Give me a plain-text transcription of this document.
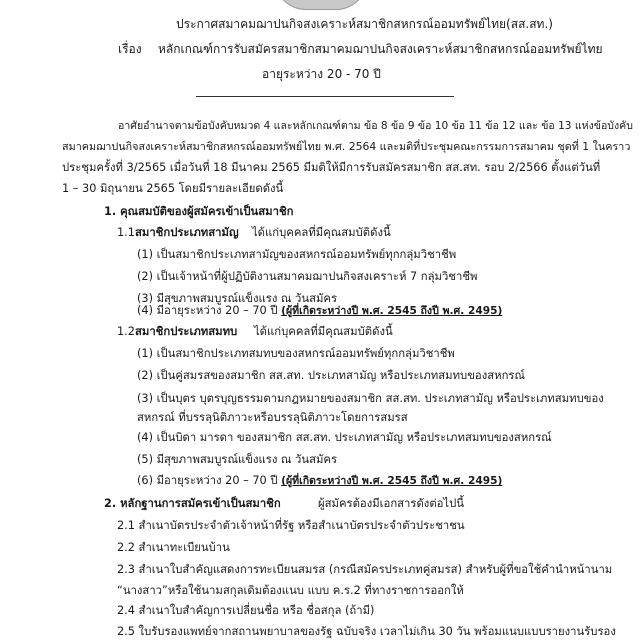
ประกาศสมาคมฌาปนกิจสงเคราะห์สมาชิกสหกรณ์ออมทรัพย์ไทย(สส.สท.)
เรื่อง หลักเกณฑ์การรับสมัครสมาชิกสมาคมฌาปนกิจสงเคราะห์สมาชิกสหกรณ์ออมทรัพย์ไทย
อายุระหว่าง 20 - 70 ปี
อาศัยอำนาจตามข้อบังคับหมวด 4 และหลักเกณฑ์ตาม ข้อ 8 ข้อ 9 ข้อ 10 ข้อ 11 ข้อ 12 และ ข้อ 13 แห่งข้อบังคับ
สมาคมฌาปนกิจสงเคราะห์สมาชิกสหกรณ์ออมทรัพย์ไทย พ.ศ. 2564 และมติที่ประชุมคณะกรรมการสมาคม ชุดที่ 1 ในคราว
ประชุมครั้งที่ 3/2565 เมื่อวันที่ 18 มีนาคม 2565 มีมติให้มีการรับสมัครสมาชิก สส.สท. รอบ 2/2566 ตั้งแต่วันที่
1 – 30 มิถุนายน 2565 โดยมีรายละเอียดดังนี้
1. คุณสมบัติของผู้สมัครเข้าเป็นสมาชิก
1.1 สมาชิกประเภทสามัญ ได้แก่บุคคลที่มีคุณสมบัติดังนี้
(1) เป็นสมาชิกประเภทสามัญของสหกรณ์ออมทรัพย์ทุกกลุ่มวิชาชีพ
(2) เป็นเจ้าหน้าที่ผู้ปฏิบัติงานสมาคมฌาปนกิจสงเคราะห์ 7 กลุ่มวิชาชีพ
(3) มีสุขภาพสมบูรณ์แข็งแรง ณ วันสมัคร
(4) มีอายุระหว่าง 20 – 70 ปี (ผู้ที่เกิดระหว่างปี พ.ศ. 2545 ถึงปี พ.ศ. 2495)
1.2 สมาชิกประเภทสมทบ ได้แก่บุคคลที่มีคุณสมบัติดังนี้
(1) เป็นสมาชิกประเภทสมทบของสหกรณ์ออมทรัพย์ทุกกลุ่มวิชาชีพ
(2) เป็นคู่สมรสของสมาชิก สส.สท. ประเภทสามัญ หรือประเภทสมทบของสหกรณ์
(3) เป็นบุตร บุตรบุญธรรมตามกฎหมายของสมาชิก สส.สท. ประเภทสามัญ หรือประเภทสมทบของ
สหกรณ์ ที่บรรลุนิติภาวะหรือบรรลุนิติภาวะโดยการสมรส
(4) เป็นบิดา มารดา ของสมาชิก สส.สท. ประเภทสามัญ หรือประเภทสมทบของสหกรณ์
(5) มีสุขภาพสมบูรณ์แข็งแรง ณ วันสมัคร
(6) มีอายุระหว่าง 20 – 70 ปี (ผู้ที่เกิดระหว่างปี พ.ศ. 2545 ถึงปี พ.ศ. 2495)
2. หลักฐานการสมัครเข้าเป็นสมาชิก	ผู้สมัครต้องมีเอกสารดังต่อไปนี้
2.1 สำเนาบัตรประจำตัวเจ้าหน้าที่รัฐ หรือสำเนาบัตรประจำตัวประชาชน
2.2 สำเนาทะเบียนบ้าน
2.3 สำเนาใบสำคัญแสดงการทะเบียนสมรส (กรณีสมัครประเภทคู่สมรส) สำหรับผู้ที่ขอใช้คำนำหน้านาม
“นางสาว”หรือใช้นามสกุลเดิมต้องแนบ แบบ ค.ร.2 ที่ทางราชการออกให้
2.4 สำเนาใบสำคัญการเปลี่ยนชื่อ หรือ ชื่อสกุล (ถ้ามี)
2.5 ใบรับรองแพทย์จากสถานพยาบาลของรัฐ ฉบับจริง เวลาไม่เกิน 30 วัน พร้อมแนบแบบรายงานรับรอง
